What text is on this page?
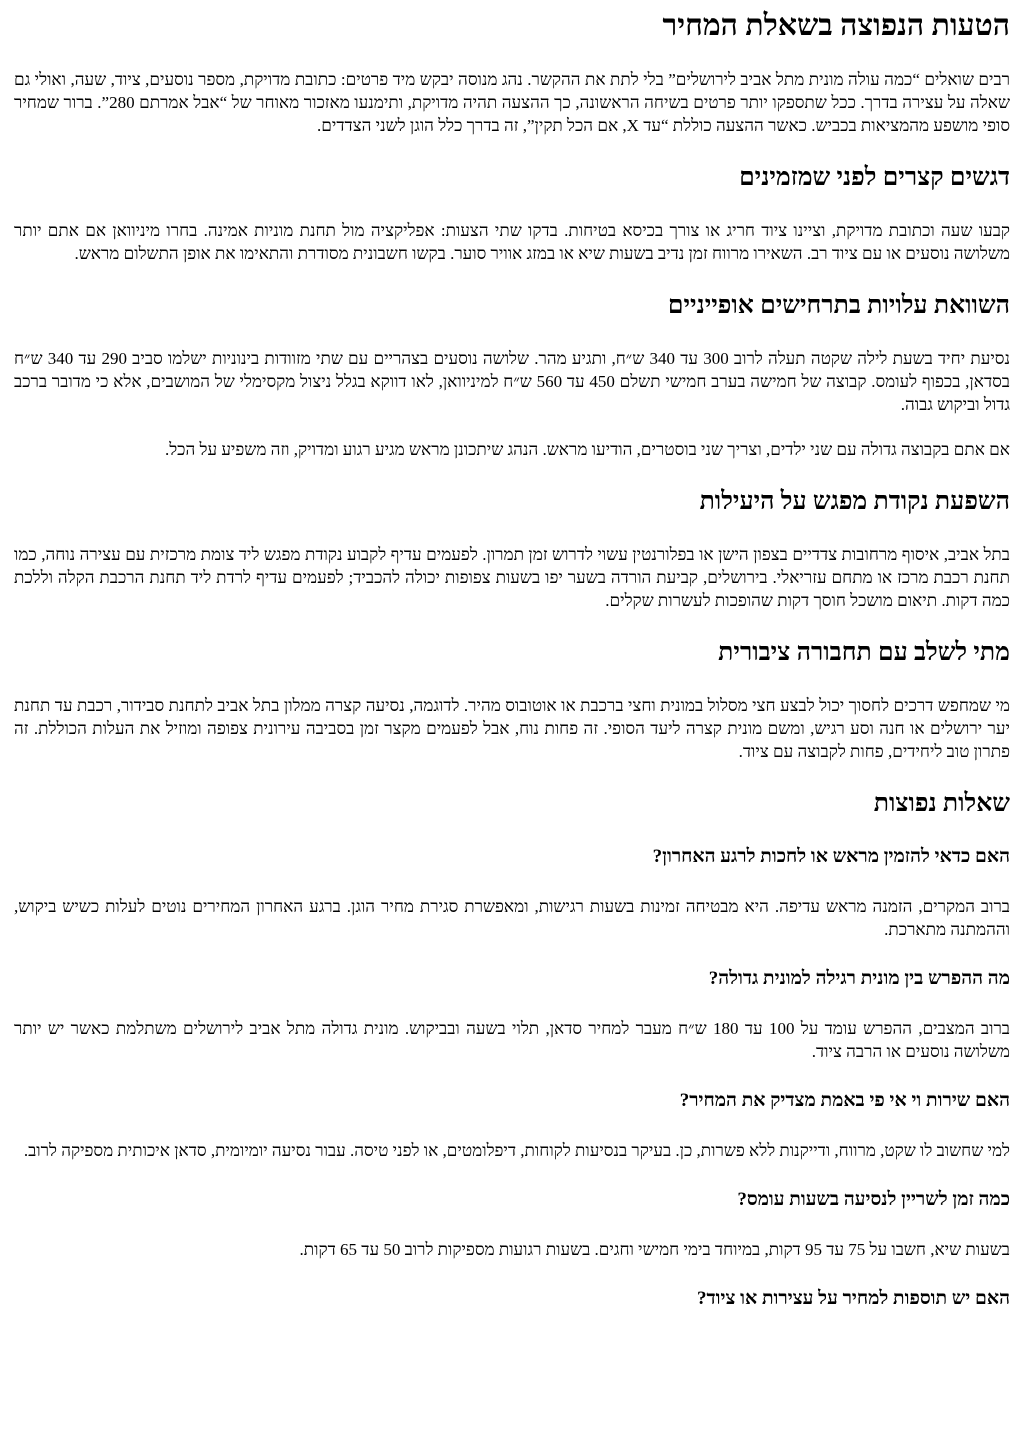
הטעות הנפוצה בשאלת המחיר

רבים שואלים “כמה עולה מונית מתל אביב לירושלים” בלי לתת את ההקשר. נהג מנוסה יבקש מיד פרטים: כתובת מדויקת, מספר נוסעים, ציוד, שעה, ואולי גם שאלה על עצירה בדרך. ככל שתספקו יותר פרטים בשיחה הראשונה, כך ההצעה תהיה מדויקת, ותימנעו מאזכור מאוחר של “אבל אמרתם 280”. ברור שמחיר סופי מושפע מהמציאות בכביש. כאשר ההצעה כוללת “עד X, אם הכל תקין”, זה בדרך כלל הוגן לשני הצדדים.

דגשים קצרים לפני שמזמינים

קבעו שעה וכתובת מדויקת, וציינו ציוד חריג או צורך בכיסא בטיחות. בדקו שתי הצעות: אפליקציה מול תחנת מוניות אמינה. בחרו מיניוואן אם אתם יותר משלושה נוסעים או עם ציוד רב. השאירו מרווח זמן נדיב בשעות שיא או במזג אוויר סוער. בקשו חשבונית מסודרת והתאימו את אופן התשלום מראש.

השוואת עלויות בתרחישים אופייניים

נסיעת יחיד בשעת לילה שקטה תעלה לרוב 300 עד 340 ש״ח, ותגיע מהר. שלושה נוסעים בצהריים עם שתי מזוודות בינוניות ישלמו סביב 290 עד 340 ש״ח בסדאן, בכפוף לעומס. קבוצה של חמישה בערב חמישי תשלם 450 עד 560 ש״ח למיניוואן, לאו דווקא בגלל ניצול מקסימלי של המושבים, אלא כי מדובר ברכב גדול וביקוש גבוה.

אם אתם בקבוצה גדולה עם שני ילדים, וצריך שני בוסטרים, הודיעו מראש. הנהג שיתכונן מראש מגיע רגוע ומדויק, וזה משפיע על הכל.

השפעת נקודת מפגש על היעילות

בתל אביב, איסוף מרחובות צדדיים בצפון הישן או בפלורנטין עשוי לדרוש זמן תמרון. לפעמים עדיף לקבוע נקודת מפגש ליד צומת מרכזית עם עצירה נוחה, כמו תחנת רכבת מרכז או מתחם עזריאלי. בירושלים, קביעת הורדה בשער יפו בשעות צפופות יכולה להכביד; לפעמים עדיף לרדת ליד תחנת הרכבת הקלה וללכת כמה דקות. תיאום מושכל חוסך דקות שהופכות לעשרות שקלים.

מתי לשלב עם תחבורה ציבורית

מי שמחפש דרכים לחסוך יכול לבצע חצי מסלול במונית וחצי ברכבת או אוטובוס מהיר. לדוגמה, נסיעה קצרה ממלון בתל אביב לתחנת סבידור, רכבת עד תחנת יער ירושלים או חנה וסע רגיש, ומשם מונית קצרה ליעד הסופי. זה פחות נוח, אבל לפעמים מקצר זמן בסביבה עירונית צפופה ומוזיל את העלות הכוללת. זה פתרון טוב ליחידים, פחות לקבוצה עם ציוד.

שאלות נפוצות
האם כדאי להזמין מראש או לחכות לרגע האחרון?

ברוב המקרים, הזמנה מראש עדיפה. היא מבטיחה זמינות בשעות רגישות, ומאפשרת סגירת מחיר הוגן. ברגע האחרון המחירים נוטים לעלות כשיש ביקוש, וההמתנה מתארכת.

מה ההפרש בין מונית רגילה למונית גדולה?

ברוב המצבים, ההפרש עומד על 100 עד 180 ש״ח מעבר למחיר סדאן, תלוי בשעה ובביקוש. מונית גדולה מתל אביב לירושלים משתלמת כאשר יש יותר משלושה נוסעים או הרבה ציוד.

האם שירות וי אי פי באמת מצדיק את המחיר?

למי שחשוב לו שקט, מרווח, ודייקנות ללא פשרות, כן. בעיקר בנסיעות לקוחות, דיפלומטים, או לפני טיסה. עבור נסיעה יומיומית, סדאן איכותית מספיקה לרוב.

כמה זמן לשריין לנסיעה בשעות עומס?

בשעות שיא, חשבו על 75 עד 95 דקות, במיוחד בימי חמישי וחגים. בשעות רגועות מספיקות לרוב 50 עד 65 דקות.

האם יש תוספות למחיר על עצירות או ציוד?
